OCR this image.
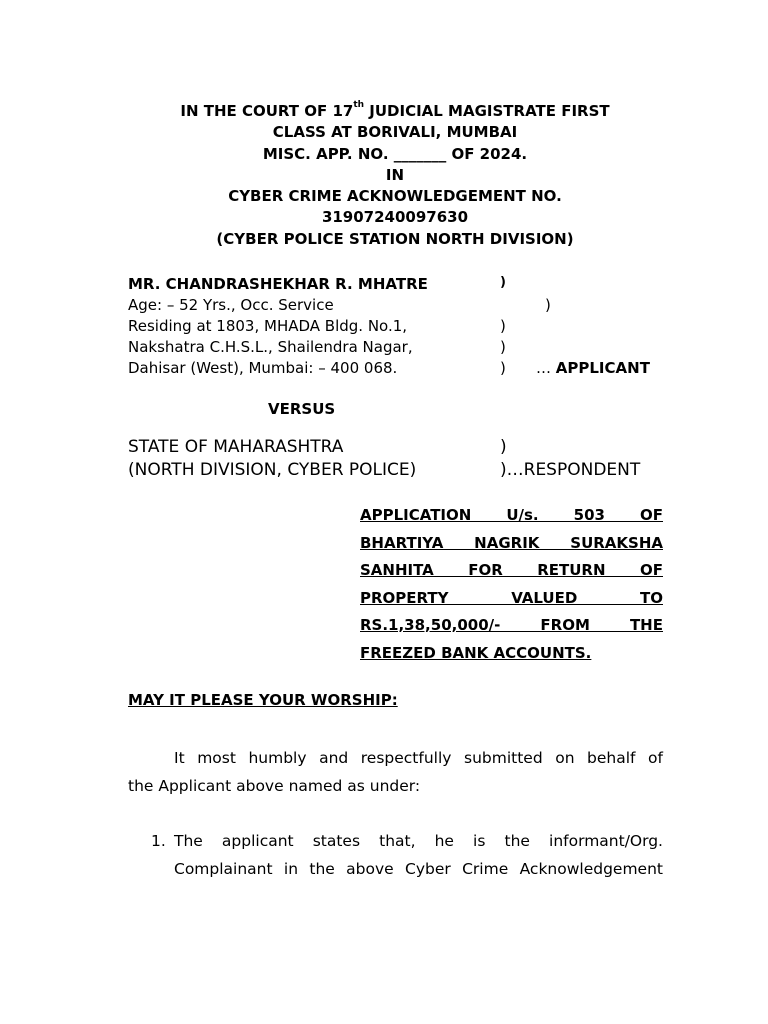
IN THE COURT OF 17th JUDICIAL MAGISTRATE FIRST
CLASS AT BORIVALI, MUMBAI
MISC. APP. NO. _______ OF 2024.
IN
CYBER CRIME ACKNOWLEDGEMENT NO.
31907240097630
(CYBER POLICE STATION NORTH DIVISION)
MR. CHANDRASHEKHAR R. MHATRE	)
Age: – 52 Yrs., Occ. Service	)
Residing at 1803, MHADA Bldg. No.1,	)
Nakshatra C.H.S.L., Shailendra Nagar,	)
Dahisar (West), Mumbai: – 400 068.	) … APPLICANT
VERSUS
STATE OF MAHARASHTRA	)
(NORTH DIVISION, CYBER POLICE)	)…RESPONDENT
APPLICATION U/s. 503 OF
BHARTIYA NAGRIK SURAKSHA
SANHITA FOR RETURN OF
PROPERTY VALUED TO
RS.1,38,50,000/- FROM THE
FREEZED BANK ACCOUNTS.
MAY IT PLEASE YOUR WORSHIP:
It most humbly and respectfully submitted on behalf of
the Applicant above named as under:
1. The applicant states that, he is the informant/Org.
Complainant in the above Cyber Crime Acknowledgement
